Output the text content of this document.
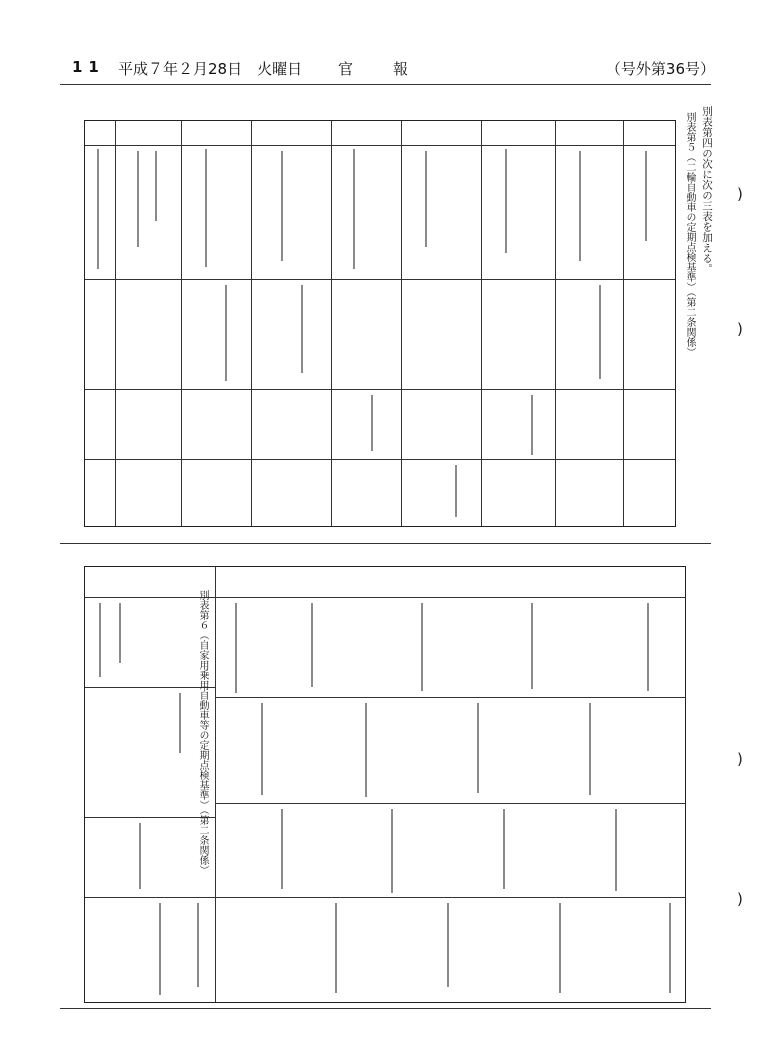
11 平成７年２月28日　火曜日 官報	（号外第36号）
別表第四の次に次の三表を加える。
別表第５（二輪自動車の定期点検基準）（第二条関係）
別表第６（自家用乗用自動車等の定期点検基準）（第二条関係）
)
)
)
)
